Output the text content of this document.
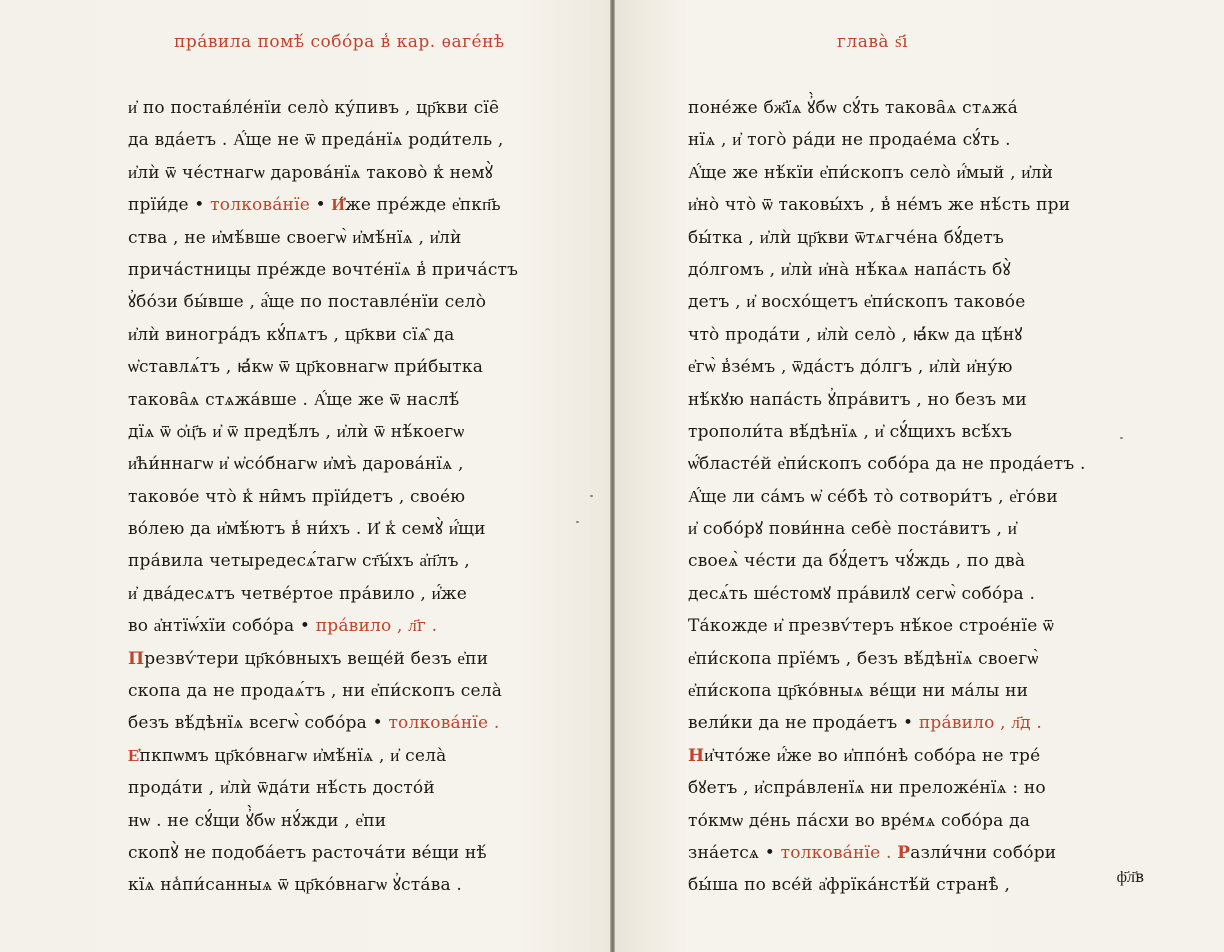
пра́вила помѣ́ собо́ра в̾ кар. ѳаге́нѣ
и҆ по постав́ле́нїи село̀ ку́пивъ , цр҃кви сїе̑
да вда́етъ . А҆́ще не ѿ преда́нїѧ роди́тель ,
и҆лѝ ѿ че́стнагѡ дарова́нїѧ таково̀ к̾ немꙋ̀
прїи́де • толкова́нїе • И҆́же пре́жде е҆пкп҃ь
ства , не и҆мѣ́вше своегѡ̀ и҆мѣ́нїѧ , и҆лѝ
прича́стницы пре́жде вочте́нїѧ в̾ прича́стъ
ꙋ҆бо́зи бы́вше , а҆́ще по поставле́нїи село̀
и҆лѝ виногра́дъ кꙋ́пѧтъ , цр҃кви сїѧ̑ да
ѡ҆ставлѧ́тъ , ꙗ҆́кѡ ѿ цр҃ковнагѡ при́бытка
такова̑ѧ стѧжа́вше . А҆́ще же ѿ наслѣ́
дїѧ ѿ ѻ҆ц҃ъ и҆ ѿ предѣ́лъ , и҆лѝ ѿ нѣ́коегѡ
и҆ћи́ннагѡ и҆ ѡ҆со́бнагѡ и҆мъ̀ дарова́нїѧ ,
таково́е что̀ к̾ ни̑мъ прїи́детъ , свое́ю
во́лею да и҆мѣ́ютъ в̾ ни́хъ . И҆ к̾ семꙋ̀ и҆́щи
пра́вила четыредесѧ́тагѡ ст҃ы́хъ а҆п҃лъ ,
и҆ два́десѧтъ четве́ртое пра́вило , и҆́же
во а҆нтїѡ́хїи собо́ра • пра́вило , л҃г .
Презвѵ́тери цр҃ко́вныхъ веще́й безъ е҆пи
скопа да не продаѧ́тъ , ни е҆пи́скопъ села̀
безъ вѣ́дѣнїѧ всегѡ̀ собо́ра • толкова́нїе .
Е҆пкпѡмъ цр҃ко́внагѡ и҆мѣ́нїѧ , и҆ села̀
прода́ти , и҆лѝ ѿда́ти нѣ́сть досто́й
нѡ . не сꙋ́щи ꙋ҆̀бѡ нꙋ́жди , е҆пи
скопꙋ̀ не подоба́етъ расточа́ти ве́щи нѣ́
кїѧ на̾пи́санныѧ ѿ цр҃ко́внагѡ ꙋ҆ста́ва .
глава̀ ѕ҃і
поне́же бж҃їѧ ꙋ҆̀бѡ сꙋ́ть такова̑ѧ стѧжа́
нїѧ , и҆ того̀ ра́ди не продае́ма сꙋ́ть .
А҆́ще же нѣ́кїи е҆пи́скопъ село̀ и҆́мый , и҆лѝ
и҆но̀ что̀ ѿ таковы́хъ , в̾ не́мъ же нѣ́сть при
бы́тка , и҆лѝ цр҃кви ѿтѧгче́на бꙋ́детъ
до́лгомъ , и҆лѝ и҆на̀ нѣ́каѧ напа́сть бꙋ̀
детъ , и҆ восхо́щетъ е҆пи́скопъ таково́е
что̀ прода́ти , и҆лѝ село̀ , ꙗ҆́кѡ да цѣ́нꙋ
е҆гѡ̀ в̾зе́мъ , ѿда́стъ до́лгъ , и҆лѝ и҆ну́ю
нѣ́кꙋю напа́сть ꙋ҆пра́витъ , но безъ ми
трополи́та вѣ́дѣнїѧ , и҆ сꙋ́щихъ всѣ́хъ
ѡ҆́бласте́й е҆пи́скопъ собо́ра да не прода́етъ .
А҆́ще ли са́мъ ѡ҆ се́бѣ то̀ сотвори́тъ , е҆го́ви
и҆ собо́рꙋ пови́нна себѐ поста́витъ , и҆
своеѧ̀ че́сти да бꙋ́детъ чꙋ́ждь , по два̀
десѧ́ть ше́стомꙋ пра́вилꙋ сегѡ̀ собо́ра .
Та́кожде и҆ презвѵ́теръ нѣ́кое строе́нїе ѿ
е҆пи́скопа прїе́мъ , безъ вѣ́дѣнїѧ своегѡ̀
е҆пи́скопа цр҃ко́вныѧ ве́щи ни ма́лы ни
вели́ки да не прода́етъ • пра́вило , л҃д .
Ни҆что́же и҆́же во и҆ппо́нѣ собо́ра не тре́
бꙋетъ , и҆спра́вленїѧ ни преложе́нїѧ : но
то́кмѡ де́нь па́схи во вре́мѧ собо́ра да
зна́етсѧ • толкова́нїе . Разли́чни собо́ри
бы́ша по все́й а҆фрїка́нстѣ́й странѣ̀ ,	ф҃л҃в
